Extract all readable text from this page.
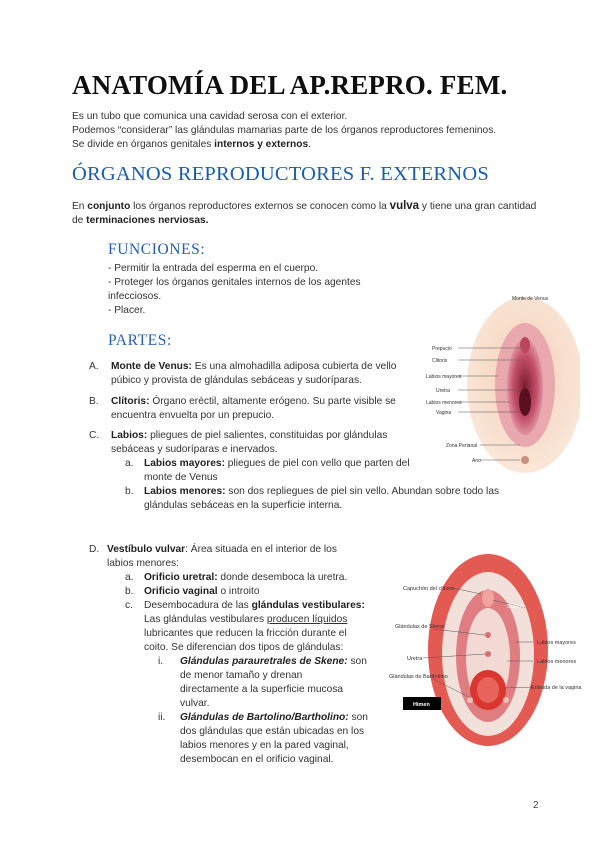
ANATOMÍA DEL AP.REPRO. FEM.
Es un tubo que comunica una cavidad serosa con el exterior.
Podemos “considerar” las glándulas mamarias parte de los órganos reproductores femeninos.
Se divide en órganos genitales internos y externos.
ÓRGANOS REPRODUCTORES F. EXTERNOS
En conjunto los órganos reproductores externos se conocen como la vulva y tiene una gran cantidad
de terminaciones nerviosas.
FUNCIONES:
- Permitir la entrada del esperma en el cuerpo.
- Proteger los órganos genitales internos de los agentes
infecciosos.
- Placer.
PARTES:
A.	Monte de Venus: Es una almohadilla adiposa cubierta de vello
púbico y provista de glándulas sebáceas y sudoríparas.
B.	Clítoris: Órgano eréctil, altamente erógeno. Su parte visible se
encuentra envuelta por un prepucio.
C.	Labios: pliegues de piel salientes, constituidas por glándulas
sebáceas y sudoríparas e inervados.
a.	Labios mayores: pliegues de piel con vello que parten del
monte de Venus
b.	Labios menores: son dos repliegues de piel sin vello. Abundan sobre todo las
glándulas sebáceas en la superficie interna.
D. Vestíbulo vulvar: Área situada en el interior de los
labios menores:
a.	Orificio uretral: donde desemboca la uretra.
b.	Orificio vaginal o introito
c.	Desembocadura de las glándulas vestibulares:
Las glándulas vestibulares producen líquidos
lubricantes que reducen la fricción durante el
coito. Se diferencian dos tipos de glándulas:
i.	Glándulas parauretrales de Skene: son
de menor tamaño y drenan
directamente a la superficie mucosa
vulvar.
ii.	Glándulas de Bartolino/Bartholino: son
dos glándulas que están ubicadas en los
labios menores y en la pared vaginal,
desembocan en el orificio vaginal.
Monte de Venus
Prepucio
Clitoris
Labios mayores
Uretra
Labios menores
Vagina
Zona Perianal
Ano
Capuchón del clítoris
Clítoris
Glándulas de Skene
Labios mayores
Uretra	Labios menores
Glándulas de Bartholino
Entrada de la vagina
Himen
2
